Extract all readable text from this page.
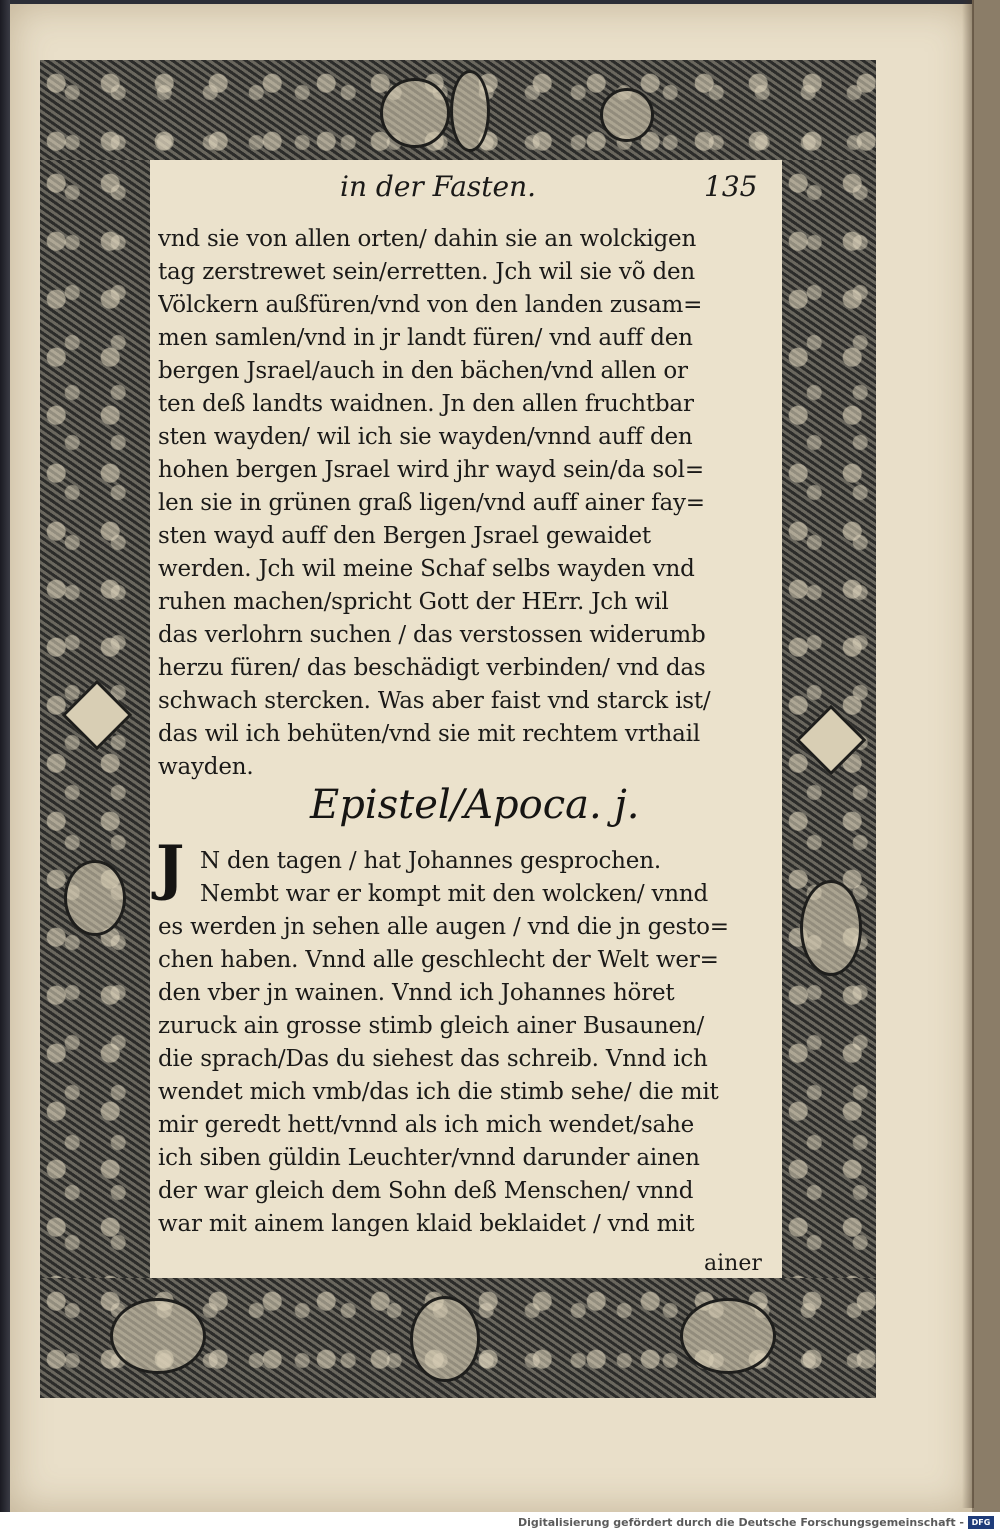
in der Fasten.	135
vnd sie von allen orten/ dahin sie an wolckigen
tag zerstrewet sein/erretten. Jch wil sie võ den
Völckern außfüren/vnd von den landen zusam=
men samlen/vnd in jr landt füren/ vnd auff den
bergen Jsrael/auch in den bächen/vnd allen or
ten deß landts waidnen. Jn den allen fruchtbar
sten wayden/ wil ich sie wayden/vnnd auff den
hohen bergen Jsrael wird jhr wayd sein/da sol=
len sie in grünen graß ligen/vnd auff ainer fay=
sten wayd auff den Bergen Jsrael gewaidet
werden. Jch wil meine Schaf selbs wayden vnd
ruhen machen/spricht Gott der HErr. Jch wil
das verlohrn suchen / das verstossen widerumb
herzu füren/ das beschädigt verbinden/ vnd das
schwach stercken. Was aber faist vnd starck ist/
das wil ich behüten/vnd sie mit rechtem vrthail
wayden.
Epistel/Apoca. j.
J N den tagen / hat Johannes gesprochen.
Nembt war er kompt mit den wolcken/ vnnd
es werden jn sehen alle augen / vnd die jn gesto=
chen haben. Vnnd alle geschlecht der Welt wer=
den vber jn wainen. Vnnd ich Johannes höret
zuruck ain grosse stimb gleich ainer Busaunen/
die sprach/Das du siehest das schreib. Vnnd ich
wendet mich vmb/das ich die stimb sehe/ die mit
mir geredt hett/vnnd als ich mich wendet/sahe
ich siben güldin Leuchter/vnnd darunder ainen
der war gleich dem Sohn deß Menschen/ vnnd
war mit ainem langen klaid beklaidet / vnd mit
ainer
Digitalisierung gefördert durch die Deutsche Forschungsgemeinschaft - DFG
